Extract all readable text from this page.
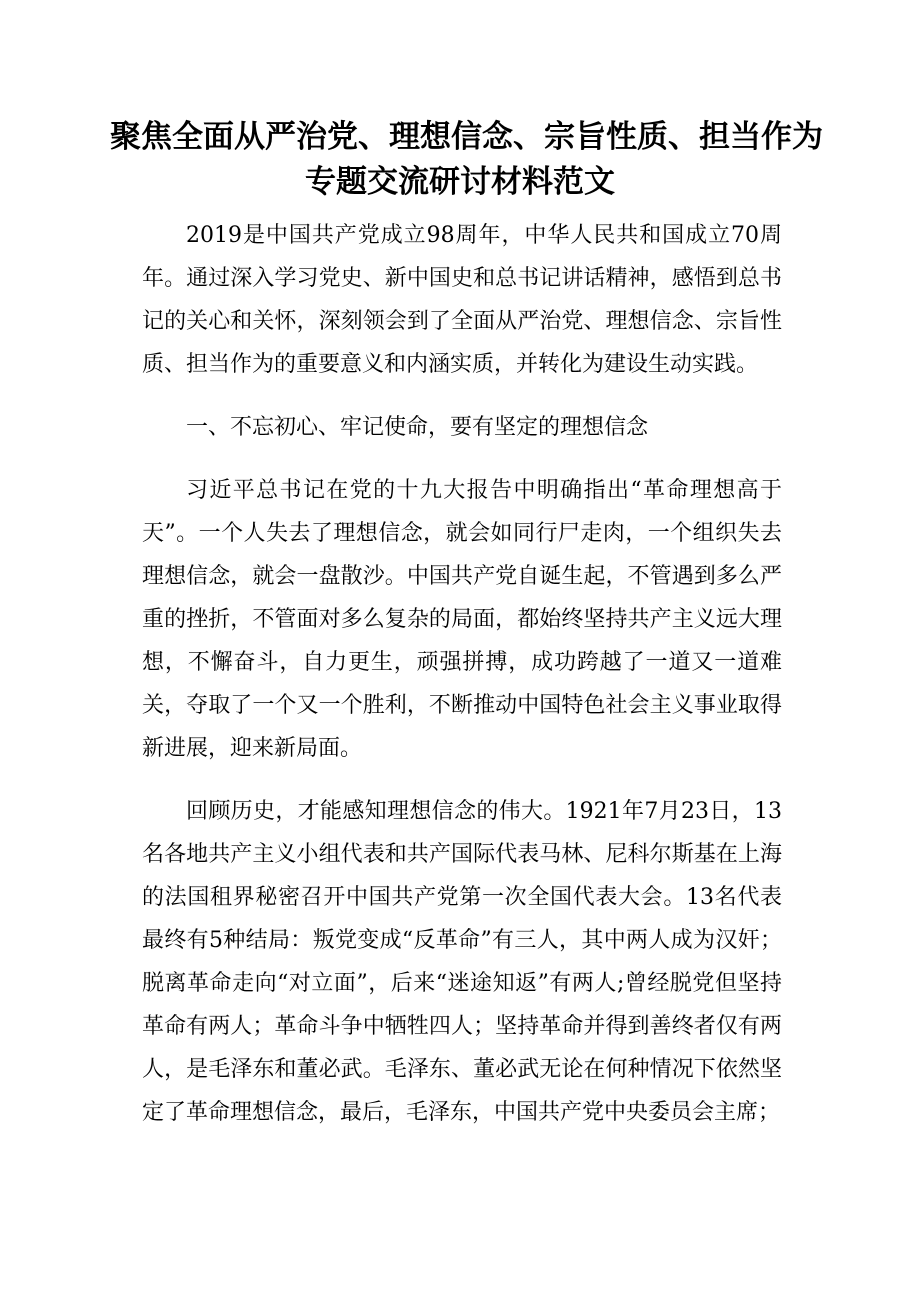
聚焦全面从严治党、理想信念、宗旨性质、担当作为
专题交流研讨材料范文

2019是中国共产党成立98周年，中华人民共和国成立70周年。通过深入学习党史、新中国史和总书记讲话精神，感悟到总书记的关心和关怀，深刻领会到了全面从严治党、理想信念、宗旨性质、担当作为的重要意义和内涵实质，并转化为建设生动实践。

一、不忘初心、牢记使命，要有坚定的理想信念

习近平总书记在党的十九大报告中明确指出“革命理想高于天”。一个人失去了理想信念，就会如同行尸走肉，一个组织失去理想信念，就会一盘散沙。中国共产党自诞生起，不管遇到多么严重的挫折，不管面对多么复杂的局面，都始终坚持共产主义远大理想，不懈奋斗，自力更生，顽强拼搏，成功跨越了一道又一道难关，夺取了一个又一个胜利，不断推动中国特色社会主义事业取得新进展，迎来新局面。

回顾历史，才能感知理想信念的伟大。1921年7月23日，13名各地共产主义小组代表和共产国际代表马林、尼科尔斯基在上海的法国租界秘密召开中国共产党第一次全国代表大会。13名代表最终有5种结局：叛党变成“反革命”有三人，其中两人成为汉奸；脱离革命走向“对立面”，后来“迷途知返”有两人;曾经脱党但坚持革命有两人；革命斗争中牺牲四人；坚持革命并得到善终者仅有两人，是毛泽东和董必武。毛泽东、董必武无论在何种情况下依然坚定了革命理想信念，最后，毛泽东，中国共产党中央委员会主席；
